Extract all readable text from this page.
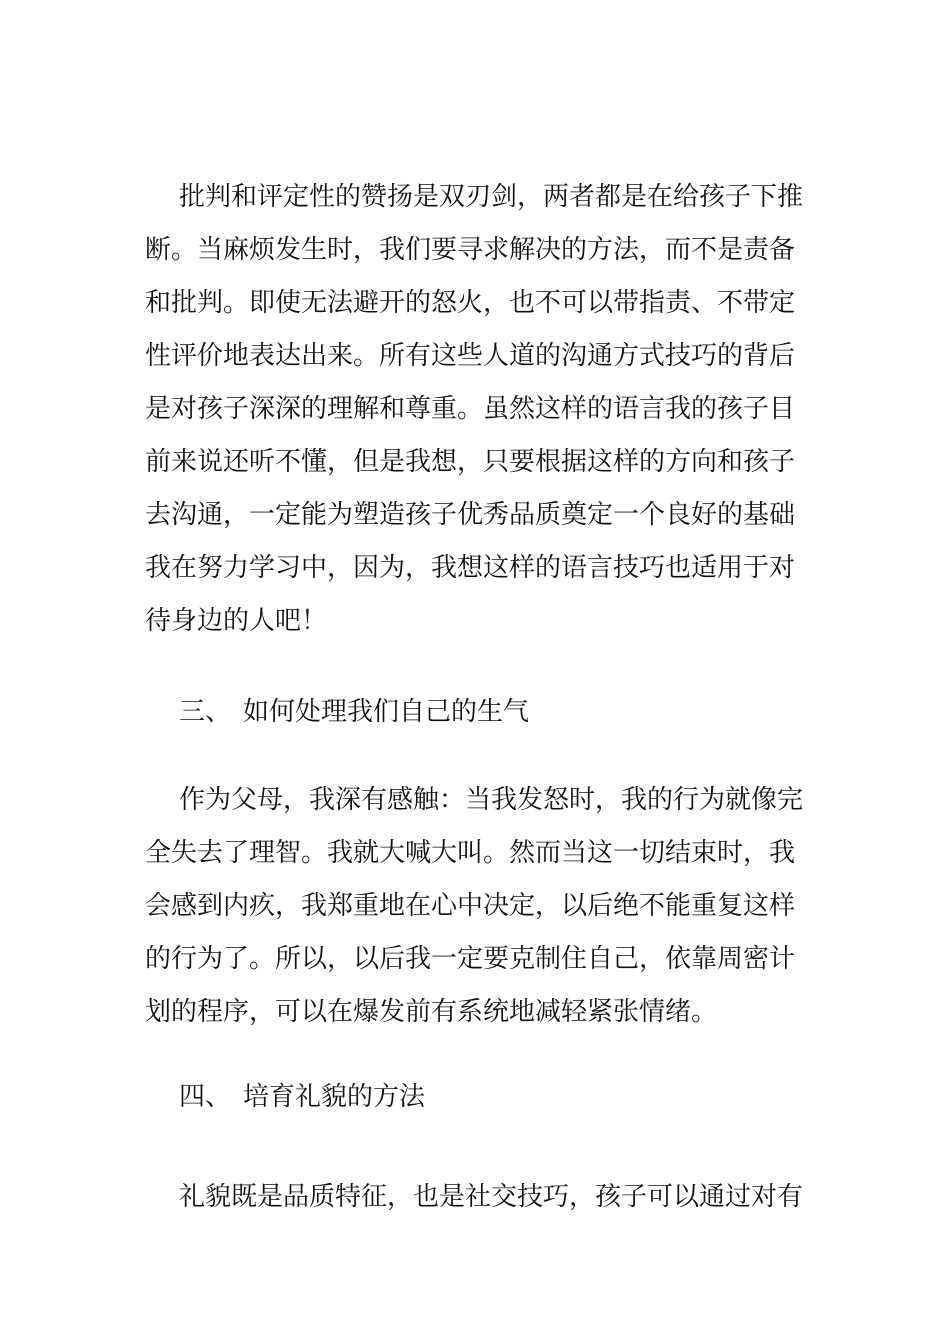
批判和评定性的赞扬是双刃剑，两者都是在给孩子下推
断。当麻烦发生时，我们要寻求解决的方法，而不是责备
和批判。即使无法避开的怒火，也不可以带指责、不带定
性评价地表达出来。所有这些人道的沟通方式技巧的背后
是对孩子深深的理解和尊重。虽然这样的语言我的孩子目
前来说还听不懂，但是我想，只要根据这样的方向和孩子
去沟通，一定能为塑造孩子优秀品质奠定一个良好的基础
我在努力学习中，因为，我想这样的语言技巧也适用于对
待身边的人吧！
三、 如何处理我们自己的生气
作为父母，我深有感触：当我发怒时，我的行为就像完
全失去了理智。我就大喊大叫。然而当这一切结束时，我
会感到内疚，我郑重地在心中决定，以后绝不能重复这样
的行为了。所以，以后我一定要克制住自己，依靠周密计
划的程序，可以在爆发前有系统地减轻紧张情绪。
四、 培育礼貌的方法
礼貌既是品质特征，也是社交技巧，孩子可以通过对有
